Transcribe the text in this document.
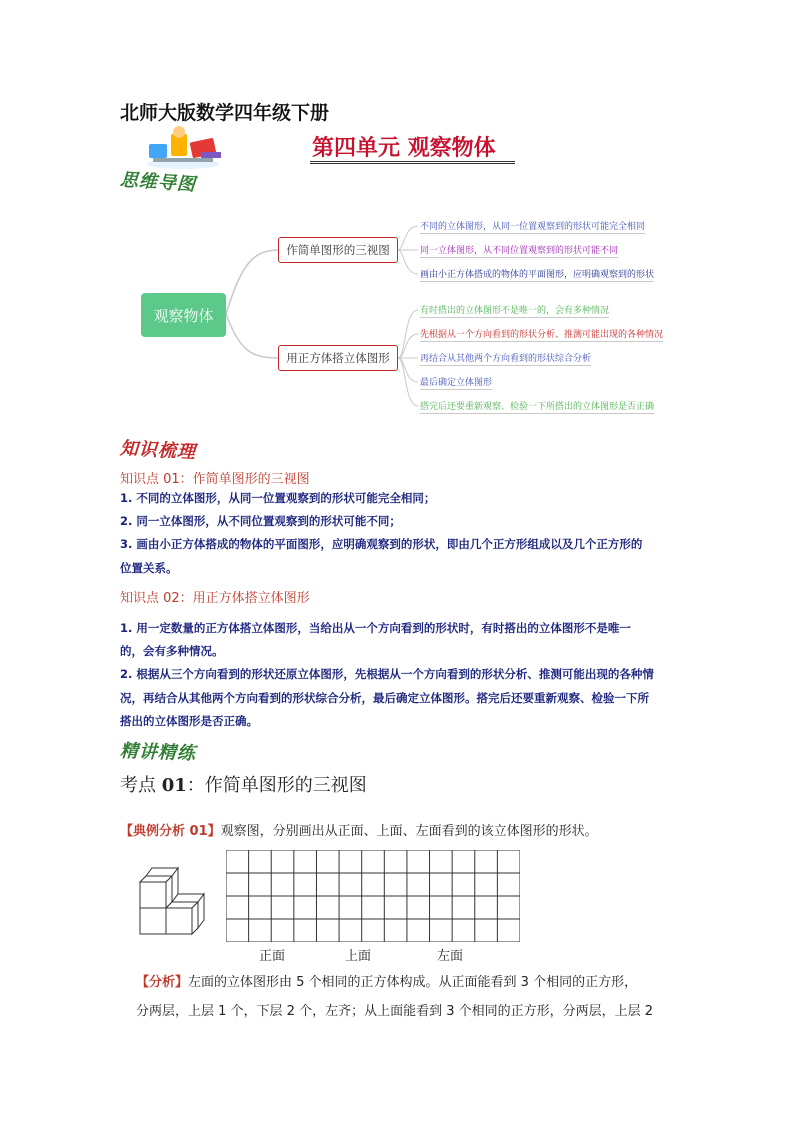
北师大版数学四年级下册
第四单元 观察物体
思维导图
观察物体
作简单图形的三视图
用正方体搭立体图形
不同的立体图形，从同一位置观察到的形状可能完全相同
同一立体图形，从不同位置观察到的形状可能不同
画由小正方体搭成的物体的平面图形，应明确观察到的形状
有时搭出的立体图形不是唯一的，会有多种情况
先根据从一个方向看到的形状分析、推测可能出现的各种情况
再结合从其他两个方向看到的形状综合分析
最后确定立体图形
搭完后还要重新观察、检验一下所搭出的立体图形是否正确
知识梳理
知识点 01：作简单图形的三视图
1. 不同的立体图形，从同一位置观察到的形状可能完全相同；
2. 同一立体图形，从不同位置观察到的形状可能不同；
3. 画由小正方体搭成的物体的平面图形，应明确观察到的形状，即由几个正方形组成以及几个正方形的
位置关系。
知识点 02：用正方体搭立体图形
1. 用一定数量的正方体搭立体图形，当给出从一个方向看到的形状时，有时搭出的立体图形不是唯一
的，会有多种情况。
2. 根据从三个方向看到的形状还原立体图形，先根据从一个方向看到的形状分析、推测可能出现的各种情
况，再结合从其他两个方向看到的形状综合分析，最后确定立体图形。搭完后还要重新观察、检验一下所
搭出的立体图形是否正确。
精讲精练
考点 01：作简单图形的三视图
【典例分析 01】观察图，分别画出从正面、上面、左面看到的该立体图形的形状。
正面	上面	左面
【分析】左面的立体图形由 5 个相同的正方体构成。从正面能看到 3 个相同的正方形，
分两层，上层 1 个，下层 2 个，左齐；从上面能看到 3 个相同的正方形，分两层，上层 2
